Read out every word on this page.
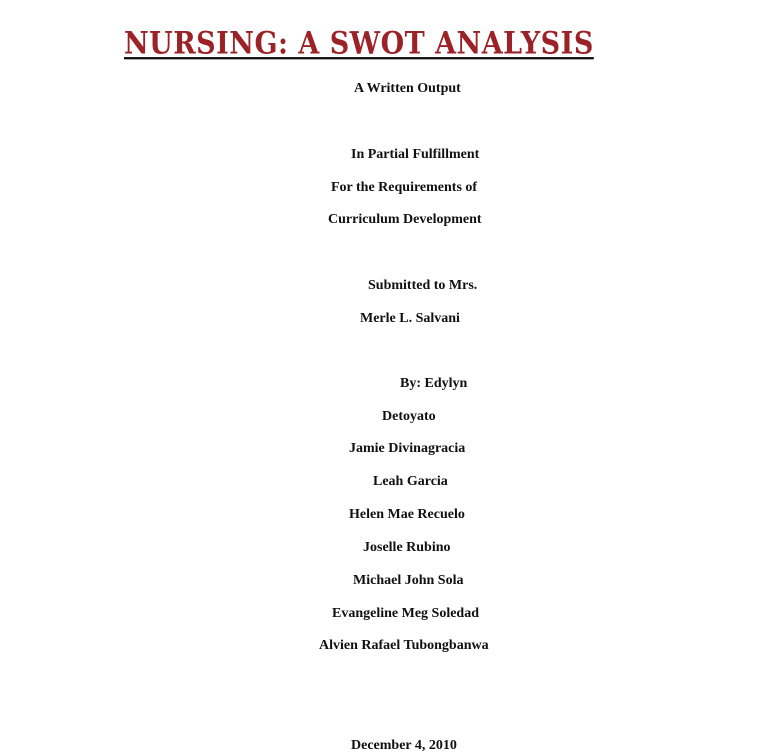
NURSING: A SWOT ANALYSIS
A Written Output
In Partial Fulfillment
For the Requirements of
Curriculum Development
Submitted to Mrs.
Merle L. Salvani
By: Edylyn
Detoyato
Jamie Divinagracia
Leah Garcia
Helen Mae Recuelo
Joselle Rubino
Michael John Sola
Evangeline Meg Soledad
Alvien Rafael Tubongbanwa
December 4, 2010
